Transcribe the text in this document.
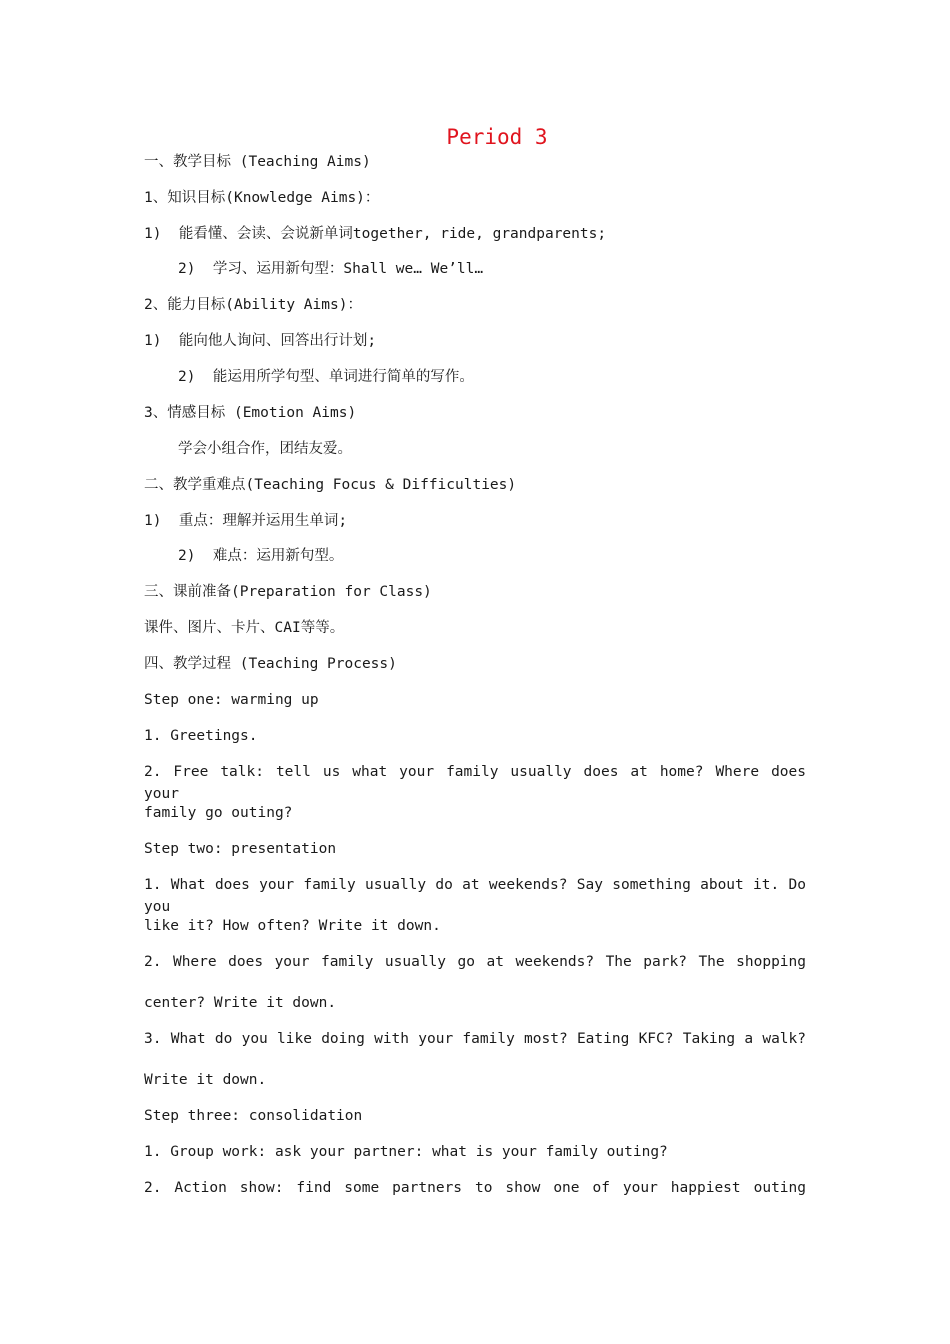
Period 3
一、教学目标 (Teaching Aims)
1、知识目标(Knowledge Aims)：
1)  能看懂、会读、会说新单词together, ride, grandparents;
2)  学习、运用新句型：Shall we… We’ll…
2、能力目标(Ability Aims)：
1)  能向他人询问、回答出行计划;
2)  能运用所学句型、单词进行简单的写作。
3、情感目标 (Emotion Aims)
学会小组合作，团结友爱。
二、教学重难点(Teaching Focus & Difficulties)
1)  重点：理解并运用生单词;
2)  难点：运用新句型。
三、课前准备(Preparation for Class)
课件、图片、卡片、CAI等等。
四、教学过程 (Teaching Process)
Step one: warming up
1. Greetings.
2. Free talk: tell us what your family usually does at home? Where does your
family go outing?
Step two: presentation
1. What does your family usually do at weekends? Say something about it. Do you
like it? How often? Write it down.
2. Where does your family usually go at weekends? The park? The shopping
center? Write it down.
3. What do you like doing with your family most? Eating KFC? Taking a walk?
Write it down.
Step three: consolidation
1. Group work: ask your partner: what is your family outing?
2. Action show: find some partners to show one of your happiest outing
